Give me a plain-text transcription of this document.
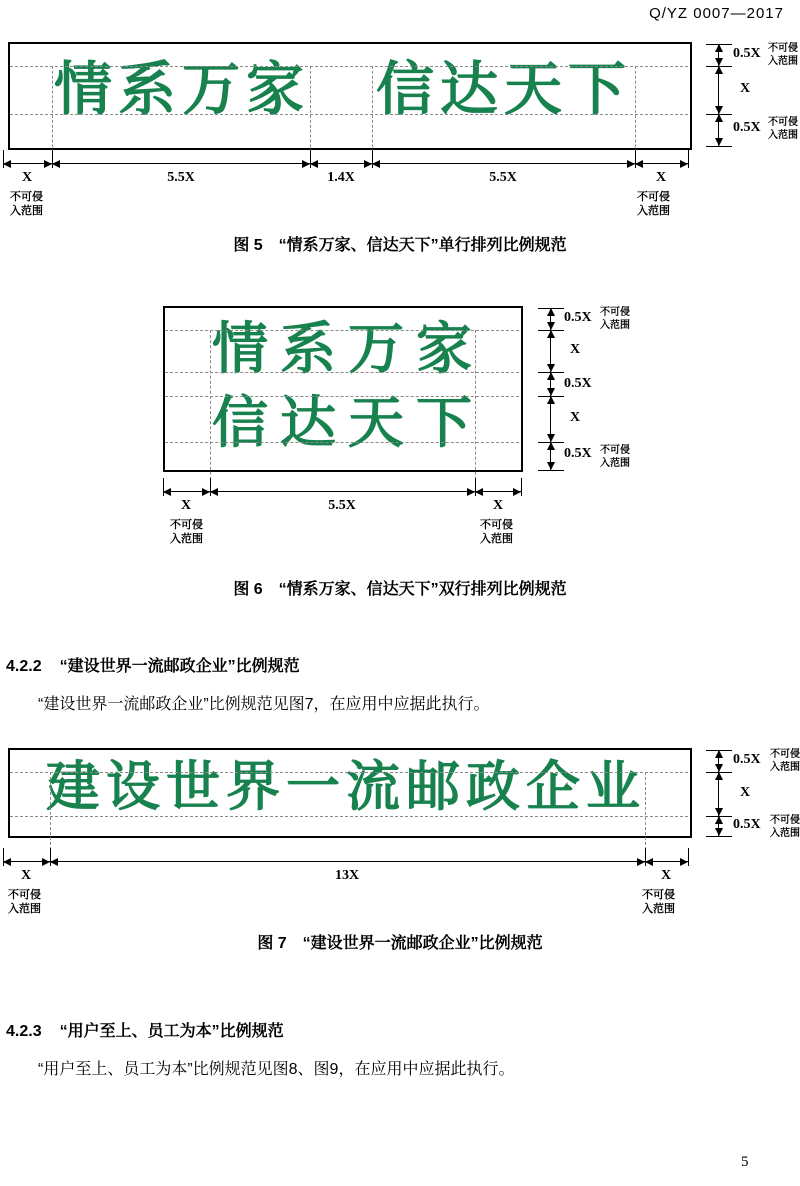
Q/YZ 0007—2017
情系万家 信达天下
X	5.5X	1.4X	5.5X	X
不可侵
入范围
不可侵
入范围
0.5X
X
0.5X
不可侵
入范围
不可侵
入范围
图 5　“情系万家、信达天下”单行排列比例规范
情系万家
信达天下
X	5.5X	X
不可侵
入范围
不可侵
入范围
0.5X
X
0.5X
X
0.5X
不可侵
入范围
不可侵
入范围
图 6　“情系万家、信达天下”双行排列比例规范
4.2.2 “建设世界一流邮政企业”比例规范
“建设世界一流邮政企业”比例规范见图7，在应用中应据此执行。
建设世界一流邮政企业
X	13X	X
不可侵
入范围
不可侵
入范围
0.5X
X
0.5X
不可侵
入范围
不可侵
入范围
图 7　“建设世界一流邮政企业”比例规范
4.2.3 “用户至上、员工为本”比例规范
“用户至上、员工为本”比例规范见图8、图9，在应用中应据此执行。
5
